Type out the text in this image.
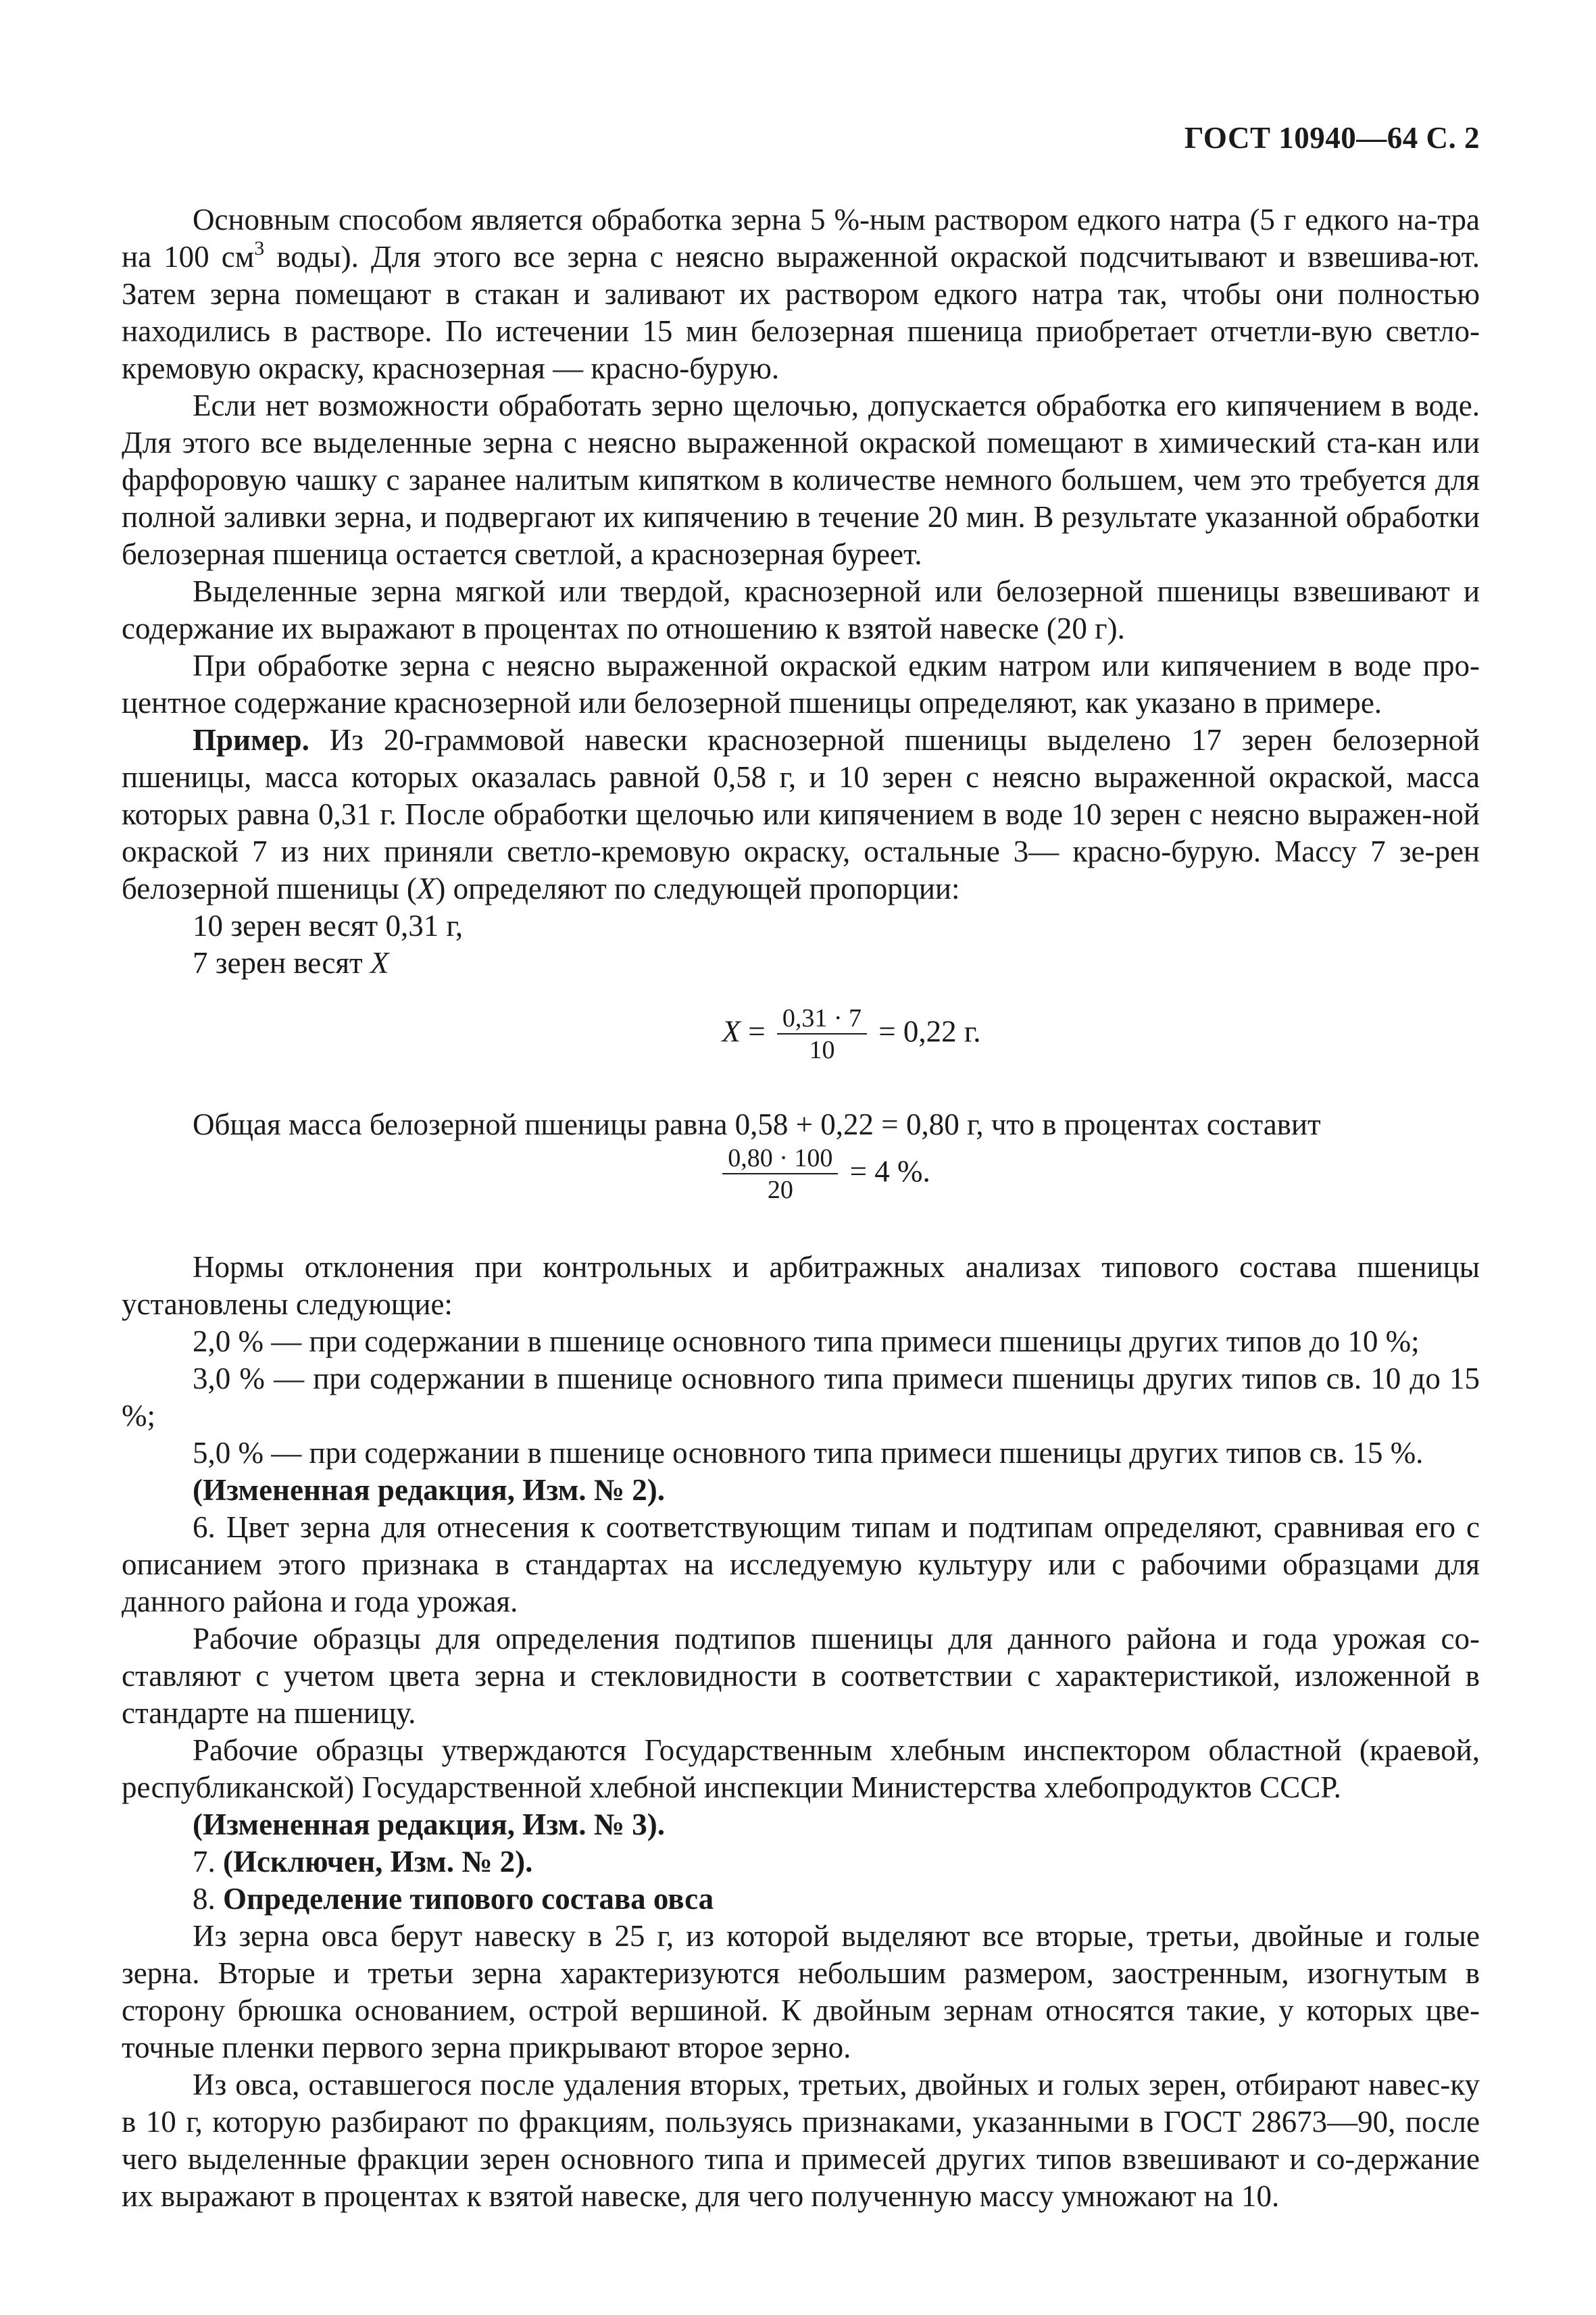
ГОСТ 10940—64 С. 2

Основным способом является обработка зерна 5 %-ным раствором едкого натра (5 г едкого на-тра на 100 $см^3$ воды). Для этого все зерна с неясно выраженной окраской подсчитывают и взвешива-ют. Затем зерна помещают в стакан и заливают их раствором едкого натра так, чтобы они полностью находились в растворе. По истечении 15 мин белозерная пшеница приобретает отчетли-вую светло-кремовую окраску, краснозерная — красно-бурую.

Если нет возможности обработать зерно щелочью, допускается обработка его кипячением в воде. Для этого все выделенные зерна с неясно выраженной окраской помещают в химический ста-кан или фарфоровую чашку с заранее налитым кипятком в количестве немного большем, чем это требуется для полной заливки зерна, и подвергают их кипячению в течение 20 мин. В результате указанной обработки белозерная пшеница остается светлой, а краснозерная буреет.

Выделенные зерна мягкой или твердой, краснозерной или белозерной пшеницы взвешивают и содержание их выражают в процентах по отношению к взятой навеске (20 г).

При обработке зерна с неясно выраженной окраской едким натром или кипячением в воде про-центное содержание краснозерной или белозерной пшеницы определяют, как указано в примере.

Пример. Из 20-граммовой навески краснозерной пшеницы выделено 17 зерен белозерной пшеницы, масса которых оказалась равной 0,58 г, и 10 зерен с неясно выраженной окраской, масса которых равна 0,31 г. После обработки щелочью или кипячением в воде 10 зерен с неясно выражен-ной окраской 7 из них приняли светло-кремовую окраску, остальные 3— красно-бурую. Массу 7 зе-рен белозерной пшеницы (X) определяют по следующей пропорции:

10 зерен весят 0,31 г,

7 зерен весят X

$X = \frac{0,31 \cdot 7}{10} = 0,22$ г.

Общая масса белозерной пшеницы равна 0,58 + 0,22 = 0,80 г, что в процентах составит

$\frac{0,80 \cdot 100}{20} = 4$ %.

Нормы отклонения при контрольных и арбитражных анализах типового состава пшеницы установлены следующие:

2,0 % — при содержании в пшенице основного типа примеси пшеницы других типов до 10 %;

3,0 % — при содержании в пшенице основного типа примеси пшеницы других типов св. 10 до 15 %;

5,0 % — при содержании в пшенице основного типа примеси пшеницы других типов св. 15 %.

(Измененная редакция, Изм. № 2).

6. Цвет зерна для отнесения к соответствующим типам и подтипам определяют, сравнивая его с описанием этого признака в стандартах на исследуемую культуру или с рабочими образцами для данного района и года урожая.

Рабочие образцы для определения подтипов пшеницы для данного района и года урожая со-ставляют с учетом цвета зерна и стекловидности в соответствии с характеристикой, изложенной в стандарте на пшеницу.

Рабочие образцы утверждаются Государственным хлебным инспектором областной (краевой, республиканской) Государственной хлебной инспекции Министерства хлебопродуктов СССР.

(Измененная редакция, Изм. № 3).

7. (Исключен, Изм. № 2).

8. Определение типового состава овса

Из зерна овса берут навеску в 25 г, из которой выделяют все вторые, третьи, двойные и голые зерна. Вторые и третьи зерна характеризуются небольшим размером, заостренным, изогнутым в сторону брюшка основанием, острой вершиной. К двойным зернам относятся такие, у которых цве-точные пленки первого зерна прикрывают второе зерно.

Из овса, оставшегося после удаления вторых, третьих, двойных и голых зерен, отбирают навес-ку в 10 г, которую разбирают по фракциям, пользуясь признаками, указанными в ГОСТ 28673—90, после чего выделенные фракции зерен основного типа и примесей других типов взвешивают и со-держание их выражают в процентах к взятой навеске, для чего полученную массу умножают на 10.
